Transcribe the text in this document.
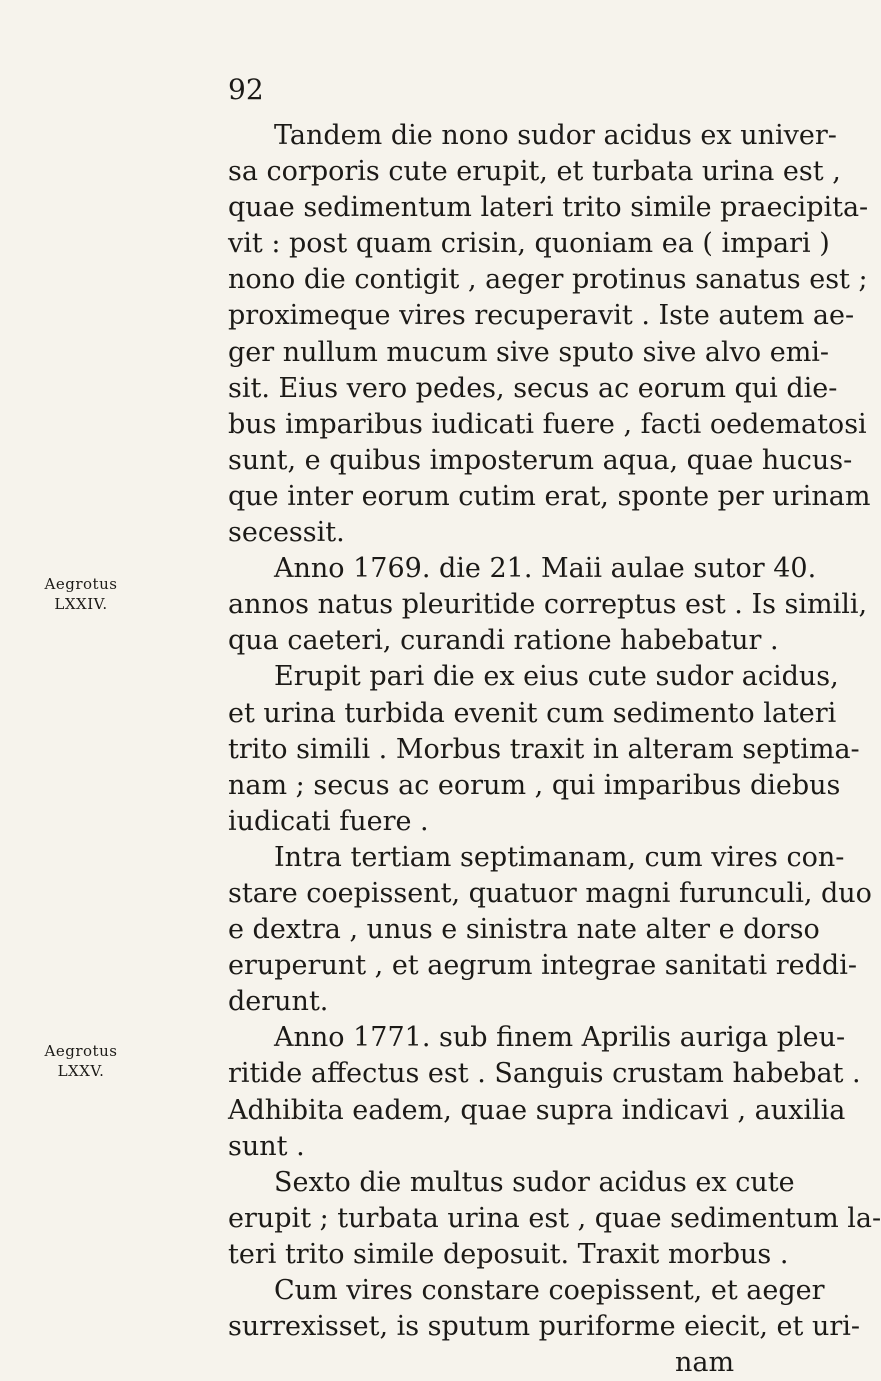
92
Aegrotus
LXXIV.
Aegrotus
LXXV.
Tandem die nono sudor acidus ex univer-
sa corporis cute erupit, et turbata urina est ,
quae sedimentum lateri trito simile praecipita-
vit : post quam crisin, quoniam ea ( impari )
nono die contigit , aeger protinus sanatus est ;
proximeque vires recuperavit . Iste autem ae-
ger nullum mucum sive sputo sive alvo emi-
sit. Eius vero pedes, secus ac eorum qui die-
bus imparibus iudicati fuere , facti oedematosi
sunt, e quibus imposterum aqua, quae hucus-
que inter eorum cutim erat, sponte per urinam
secessit.
Anno 1769. die 21. Maii aulae sutor 40.
annos natus pleuritide correptus est . Is simili,
qua caeteri, curandi ratione habebatur .
Erupit pari die ex eius cute sudor acidus,
et urina turbida evenit cum sedimento lateri
trito simili . Morbus traxit in alteram septima-
nam ; secus ac eorum , qui imparibus diebus
iudicati fuere .
Intra tertiam septimanam, cum vires con-
stare coepissent, quatuor magni furunculi, duo
e dextra , unus e sinistra nate alter e dorso
eruperunt , et aegrum integrae sanitati reddi-
derunt.
Anno 1771. sub finem Aprilis auriga pleu-
ritide affectus est . Sanguis crustam habebat .
Adhibita eadem, quae supra indicavi , auxilia
sunt .
Sexto die multus sudor acidus ex cute
erupit ; turbata urina est , quae sedimentum la-
teri trito simile deposuit. Traxit morbus .
Cum vires constare coepissent, et aeger
surrexisset, is sputum puriforme eiecit, et uri-
nam
